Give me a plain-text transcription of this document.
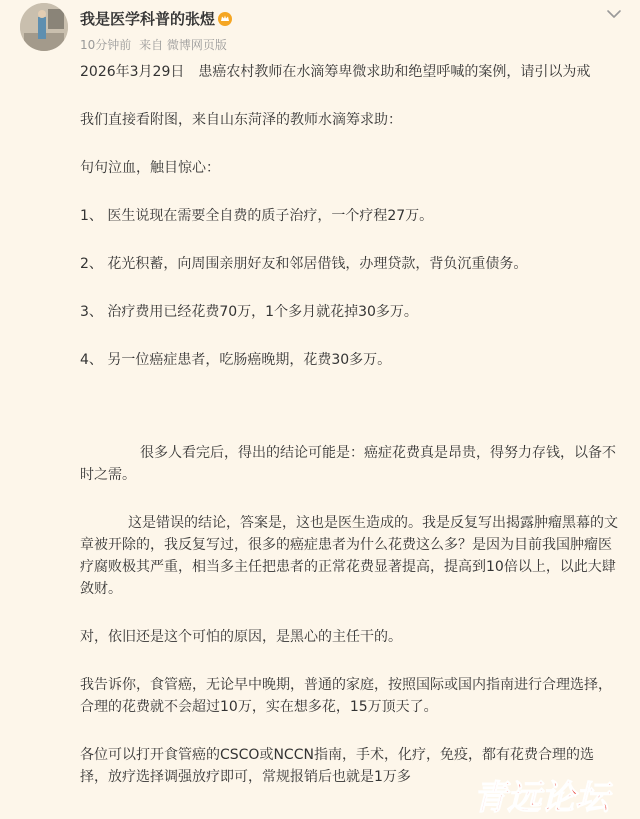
我是医学科普的张煜
10分钟前 来自 微博网页版

2026年3月29日　患癌农村教师在水滴筹卑微求助和绝望呼喊的案例，请引以为戒

我们直接看附图，来自山东菏泽的教师水滴筹求助：

句句泣血，触目惊心：

1、 医生说现在需要全自费的质子治疗，一个疗程27万。

2、 花光积蓄，向周围亲朋好友和邻居借钱，办理贷款，背负沉重债务。

3、 治疗费用已经花费70万，1个多月就花掉30多万。

4、 另一位癌症患者，吃肠癌晚期，花费30多万。

很多人看完后，得出的结论可能是：癌症花费真是昂贵，得努力存钱，以备不时之需。

这是错误的结论，答案是，这也是医生造成的。我是反复写出揭露肿瘤黑幕的文章被开除的，我反复写过，很多的癌症患者为什么花费这么多？是因为目前我国肿瘤医疗腐败极其严重，相当多主任把患者的正常花费显著提高，提高到10倍以上，以此大肆敛财。

对，依旧还是这个可怕的原因，是黑心的主任干的。

我告诉你，食管癌，无论早中晚期，普通的家庭，按照国际或国内指南进行合理选择，合理的花费就不会超过10万，实在想多花，15万顶天了。

各位可以打开食管癌的CSCO或NCCN指南，手术，化疗，免疫，都有花费合理的选择，放疗选择调强放疗即可，常规报销后也就是1万多

青远论坛
